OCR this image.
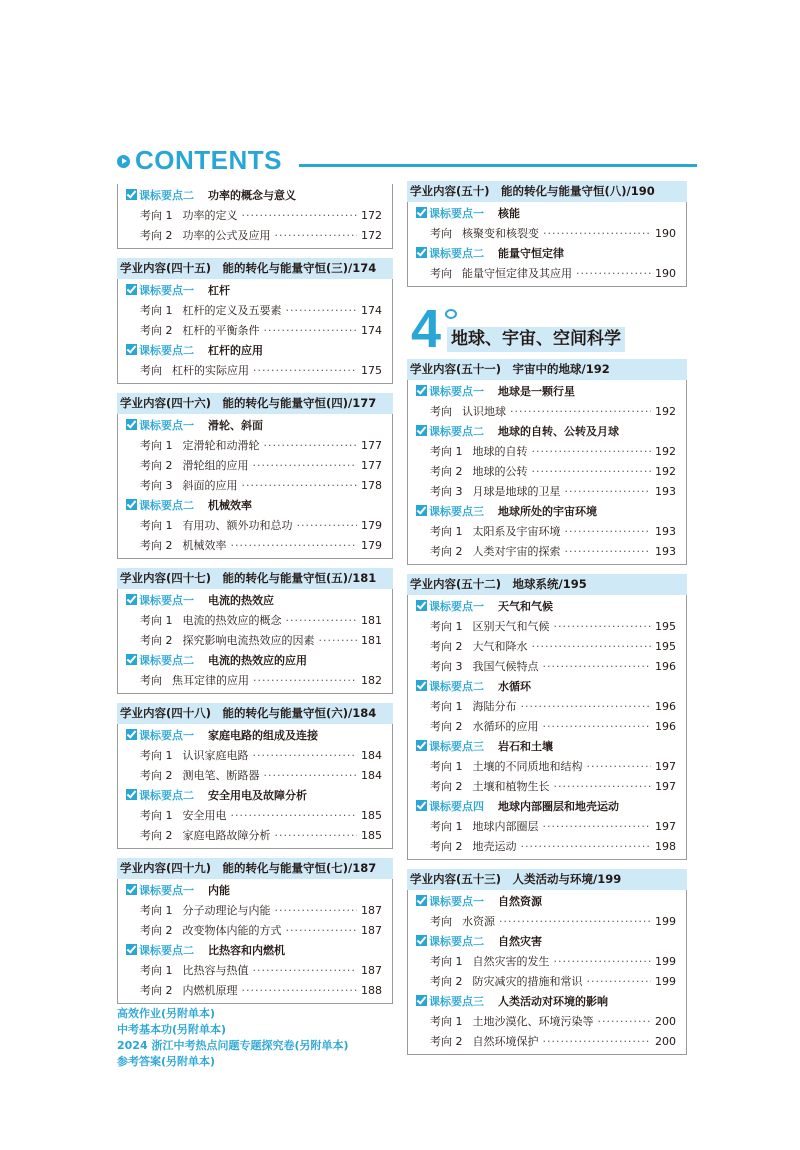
CONTENTS
课标要点二 功率的概念与意义
考向 1 功率的定义 ·····	172
考向 2 功率的公式及应用 ·····	172
学业内容(四十五)　能的转化与能量守恒(三)/174
课标要点一 杠杆
考向 1 杠杆的定义及五要素 ·····	174
考向 2 杠杆的平衡条件 ·····	174
课标要点二 杠杆的应用
考向 杠杆的实际应用 ·····	175
学业内容(四十六)　能的转化与能量守恒(四)/177
课标要点一 滑轮、斜面
考向 1 定滑轮和动滑轮 ·····	177
考向 2 滑轮组的应用 ·····	177
考向 3 斜面的应用 ·····	178
课标要点二 机械效率
考向 1 有用功、额外功和总功 ·····	179
考向 2 机械效率 ·····	179
学业内容(四十七)　能的转化与能量守恒(五)/181
课标要点一 电流的热效应
考向 1 电流的热效应的概念 ·····	181
考向 2 探究影响电流热效应的因素 ·····	181
课标要点二 电流的热效应的应用
考向 焦耳定律的应用 ·····	182
学业内容(四十八)　能的转化与能量守恒(六)/184
课标要点一 家庭电路的组成及连接
考向 1 认识家庭电路 ·····	184
考向 2 测电笔、断路器 ·····	184
课标要点二 安全用电及故障分析
考向 1 安全用电 ·····	185
考向 2 家庭电路故障分析 ·····	185
学业内容(四十九)　能的转化与能量守恒(七)/187
课标要点一 内能
考向 1 分子动理论与内能 ·····	187
考向 2 改变物体内能的方式 ·····	187
课标要点二 比热容和内燃机
考向 1 比热容与热值 ·····	187
考向 2 内燃机原理 ·····	188
学业内容(五十)　能的转化与能量守恒(八)/190
课标要点一 核能
考向 核聚变和核裂变 ·····	190
课标要点二 能量守恒定律
考向 能量守恒定律及其应用 ·····	190
4 地球、宇宙、空间科学
学业内容(五十一)　宇宙中的地球/192
课标要点一 地球是一颗行星
考向 认识地球 ·····	192
课标要点二 地球的自转、公转及月球
考向 1 地球的自转 ·····	192
考向 2 地球的公转 ·····	192
考向 3 月球是地球的卫星 ·····	193
课标要点三 地球所处的宇宙环境
考向 1 太阳系及宇宙环境 ·····	193
考向 2 人类对宇宙的探索 ·····	193
学业内容(五十二)　地球系统/195
课标要点一 天气和气候
考向 1 区别天气和气候 ·····	195
考向 2 大气和降水 ·····	195
考向 3 我国气候特点 ·····	196
课标要点二 水循环
考向 1 海陆分布 ·····	196
考向 2 水循环的应用 ·····	196
课标要点三 岩石和土壤
考向 1 土壤的不同质地和结构 ·····	197
考向 2 土壤和植物生长 ·····	197
课标要点四 地球内部圈层和地壳运动
考向 1 地球内部圈层 ·····	197
考向 2 地壳运动 ·····	198
学业内容(五十三)　人类活动与环境/199
课标要点一 自然资源
考向 水资源 ·····	199
课标要点二 自然灾害
考向 1 自然灾害的发生 ·····	199
考向 2 防灾减灾的措施和常识 ·····	199
课标要点三 人类活动对环境的影响
考向 1 土地沙漠化、环境污染等 ·····	200
考向 2 自然环境保护 ·····	200
高效作业(另附单本)
中考基本功(另附单本)
2024 浙江中考热点问题专题探究卷(另附单本)
参考答案(另附单本)
